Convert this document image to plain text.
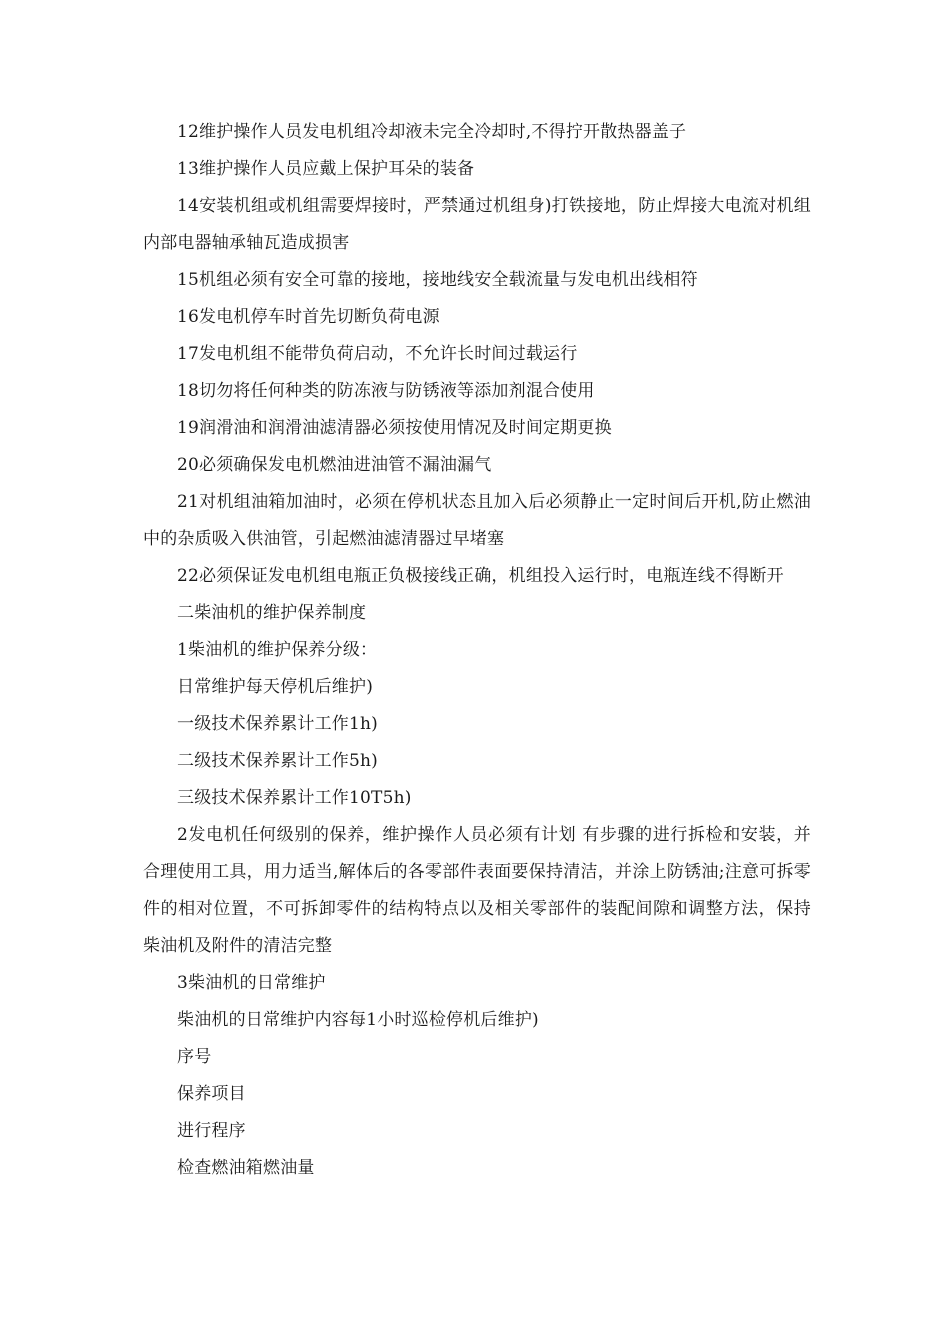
12维护操作人员发电机组冷却液未完全冷却时,不得拧开散热器盖子

13维护操作人员应戴上保护耳朵的装备

14安装机组或机组需要焊接时，严禁通过机组身)打铁接地，防止焊接大电流对机组内部电器轴承轴瓦造成损害

15机组必须有安全可靠的接地，接地线安全载流量与发电机出线相符

16发电机停车时首先切断负荷电源

17发电机组不能带负荷启动，不允许长时间过载运行

18切勿将任何种类的防冻液与防锈液等添加剂混合使用

19润滑油和润滑油滤清器必须按使用情况及时间定期更换

20必须确保发电机燃油进油管不漏油漏气

21对机组油箱加油时，必须在停机状态且加入后必须静止一定时间后开机,防止燃油中的杂质吸入供油管，引起燃油滤清器过早堵塞

22必须保证发电机组电瓶正负极接线正确，机组投入运行时，电瓶连线不得断开

二柴油机的维护保养制度

1柴油机的维护保养分级：

日常维护每天停机后维护)

一级技术保养累计工作1h)

二级技术保养累计工作5h)

三级技术保养累计工作10T5h)

2发电机任何级别的保养，维护操作人员必须有计划 有步骤的进行拆检和安装，并合理使用工具，用力适当,解体后的各零部件表面要保持清洁，并涂上防锈油;注意可拆零件的相对位置，不可拆卸零件的结构特点以及相关零部件的装配间隙和调整方法，保持柴油机及附件的清洁完整

3柴油机的日常维护

柴油机的日常维护内容每1小时巡检停机后维护)

序号

保养项目

进行程序

检查燃油箱燃油量
